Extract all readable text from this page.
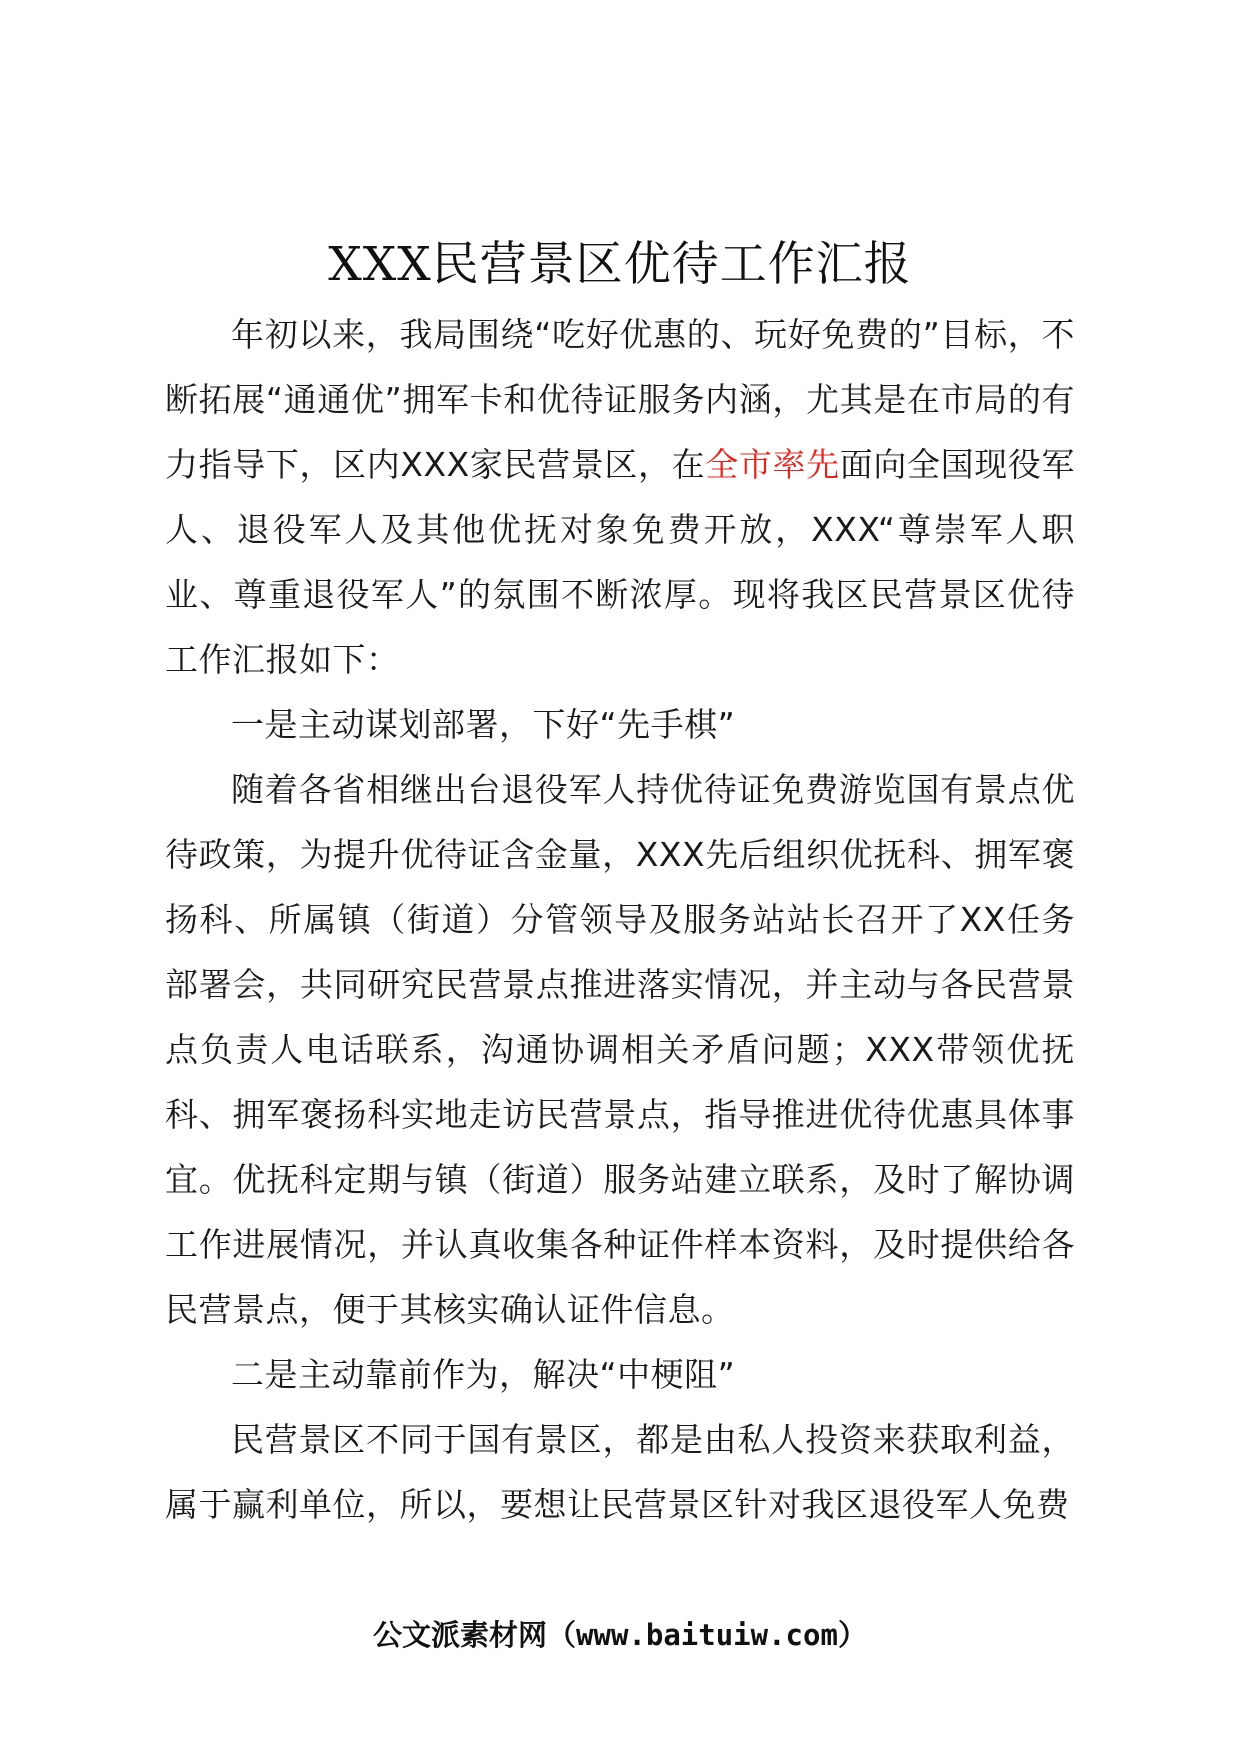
XXX民营景区优待工作汇报

年初以来，我局围绕“吃好优惠的、玩好免费的”目标，不断拓展“通通优”拥军卡和优待证服务内涵，尤其是在市局的有力指导下，区内XXX家民营景区，在全市率先面向全国现役军人、退役军人及其他优抚对象免费开放，XXX“尊崇军人职业、尊重退役军人”的氛围不断浓厚。现将我区民营景区优待工作汇报如下：

一是主动谋划部署，下好“先手棋”

随着各省相继出台退役军人持优待证免费游览国有景点优待政策，为提升优待证含金量，XXX先后组织优抚科、拥军褒扬科、所属镇（街道）分管领导及服务站站长召开了XX任务部署会，共同研究民营景点推进落实情况，并主动与各民营景点负责人电话联系，沟通协调相关矛盾问题；XXX带领优抚科、拥军褒扬科实地走访民营景点，指导推进优待优惠具体事宜。优抚科定期与镇（街道）服务站建立联系，及时了解协调工作进展情况，并认真收集各种证件样本资料，及时提供给各民营景点，便于其核实确认证件信息。

二是主动靠前作为，解决“中梗阻”

民营景区不同于国有景区，都是由私人投资来获取利益，属于赢利单位，所以，要想让民营景区针对我区退役军人免费

公文派素材网（www.baituiw.com）
